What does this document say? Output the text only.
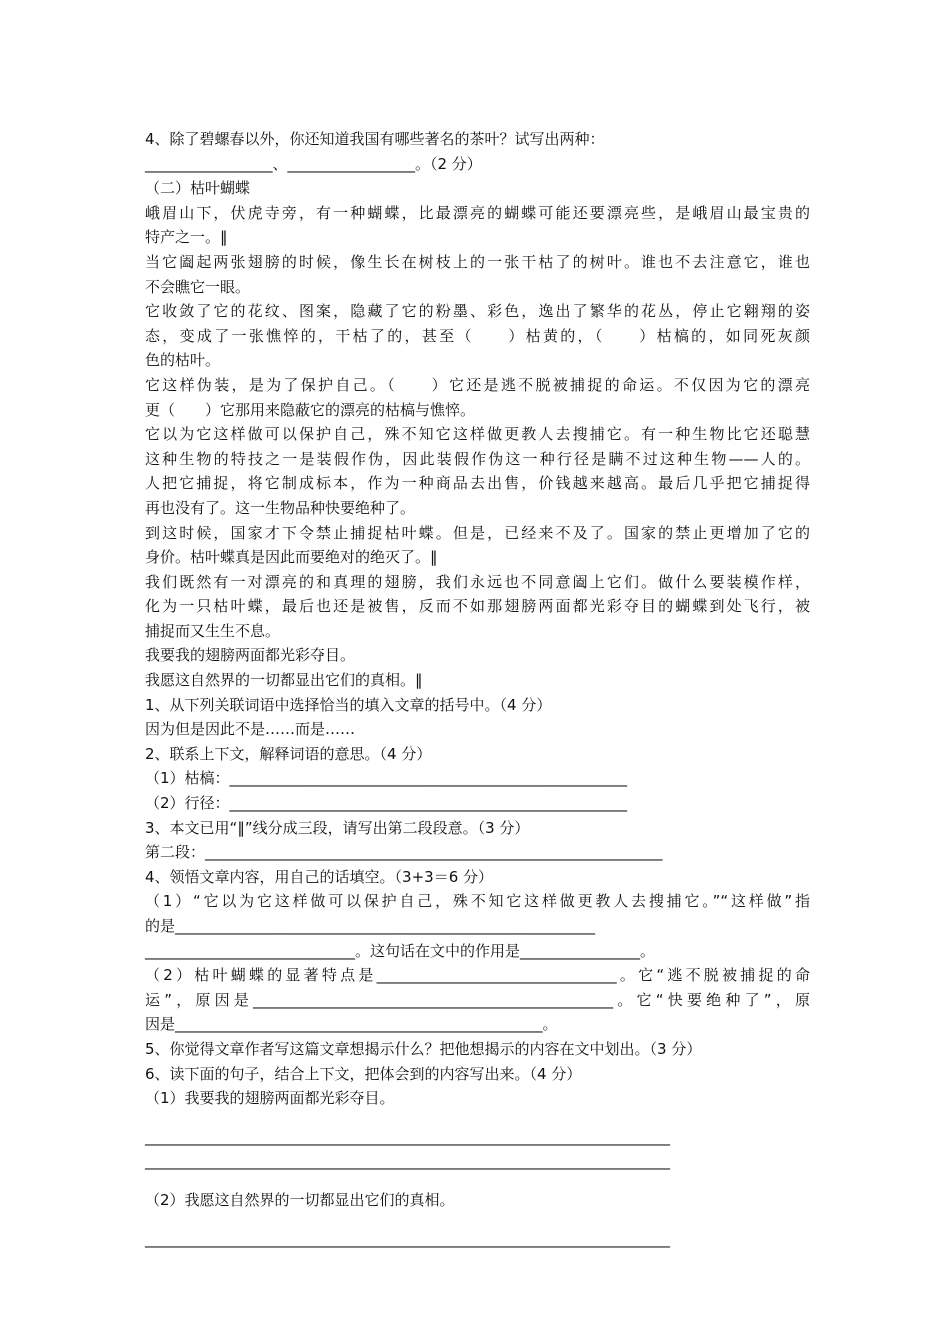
4、除了碧螺春以外，你还知道我国有哪些著名的茶叶？试写出两种：
_________________、_________________。（2 分）
（二）枯叶蝴蝶
峨眉山下，伏虎寺旁，有一种蝴蝶，比最漂亮的蝴蝶可能还要漂亮些，是峨眉山最宝贵的
特产之一。‖
当它阖起两张翅膀的时候，像生长在树枝上的一张干枯了的树叶。谁也不去注意它，谁也
不会瞧它一眼。
它收敛了它的花纹、图案，隐藏了它的粉墨、彩色，逸出了繁华的花丛，停止它翱翔的姿
态，变成了一张憔悴的，干枯了的，甚至（　　）枯黄的，（　　）枯槁的，如同死灰颜
色的枯叶。
它这样伪装，是为了保护自己。（　　）它还是逃不脱被捕捉的命运。不仅因为它的漂亮
更（　　）它那用来隐蔽它的漂亮的枯槁与憔悴。
它以为它这样做可以保护自己，殊不知它这样做更教人去搜捕它。有一种生物比它还聪慧
这种生物的特技之一是装假作伪，因此装假作伪这一种行径是瞒不过这种生物——人的。
人把它捕捉，将它制成标本，作为一种商品去出售，价钱越来越高。最后几乎把它捕捉得
再也没有了。这一生物品种快要绝种了。
到这时候，国家才下令禁止捕捉枯叶蝶。但是，已经来不及了。国家的禁止更增加了它的
身价。枯叶蝶真是因此而要绝对的绝灭了。‖
我们既然有一对漂亮的和真理的翅膀，我们永远也不同意阖上它们。做什么要装模作样，
化为一只枯叶蝶，最后也还是被售，反而不如那翅膀两面都光彩夺目的蝴蝶到处飞行，被
捕捉而又生生不息。
我要我的翅膀两面都光彩夺目。
我愿这自然界的一切都显出它们的真相。‖
1、从下列关联词语中选择恰当的填入文章的括号中。（4 分）
因为但是因此不是……而是……
2、联系上下文，解释词语的意思。（4 分）
（1）枯槁：_____________________________________________________
（2）行径：_____________________________________________________
3、本文已用“‖”线分成三段，请写出第二段段意。（3 分）
第二段：_____________________________________________________________
4、领悟文章内容，用自己的话填空。（3+3＝6 分）
（1）“它以为它这样做可以保护自己，殊不知它这样做更教人去搜捕它。”“这样做”指
的是________________________________________________________
____________________________。这句话在文中的作用是________________。
（2）枯叶蝴蝶的显著特点是________________________________。它“逃不脱被捕捉的命
运”，原因是________________________________________________。它“快要绝种了”，原
因是_________________________________________________。
5、你觉得文章作者写这篇文章想揭示什么？把他想揭示的内容在文中划出。（3 分）
6、读下面的句子，结合上下文，把体会到的内容写出来。（4 分）
（1）我要我的翅膀两面都光彩夺目。
______________________________________________________________________
______________________________________________________________________
（2）我愿这自然界的一切都显出它们的真相。
______________________________________________________________________
